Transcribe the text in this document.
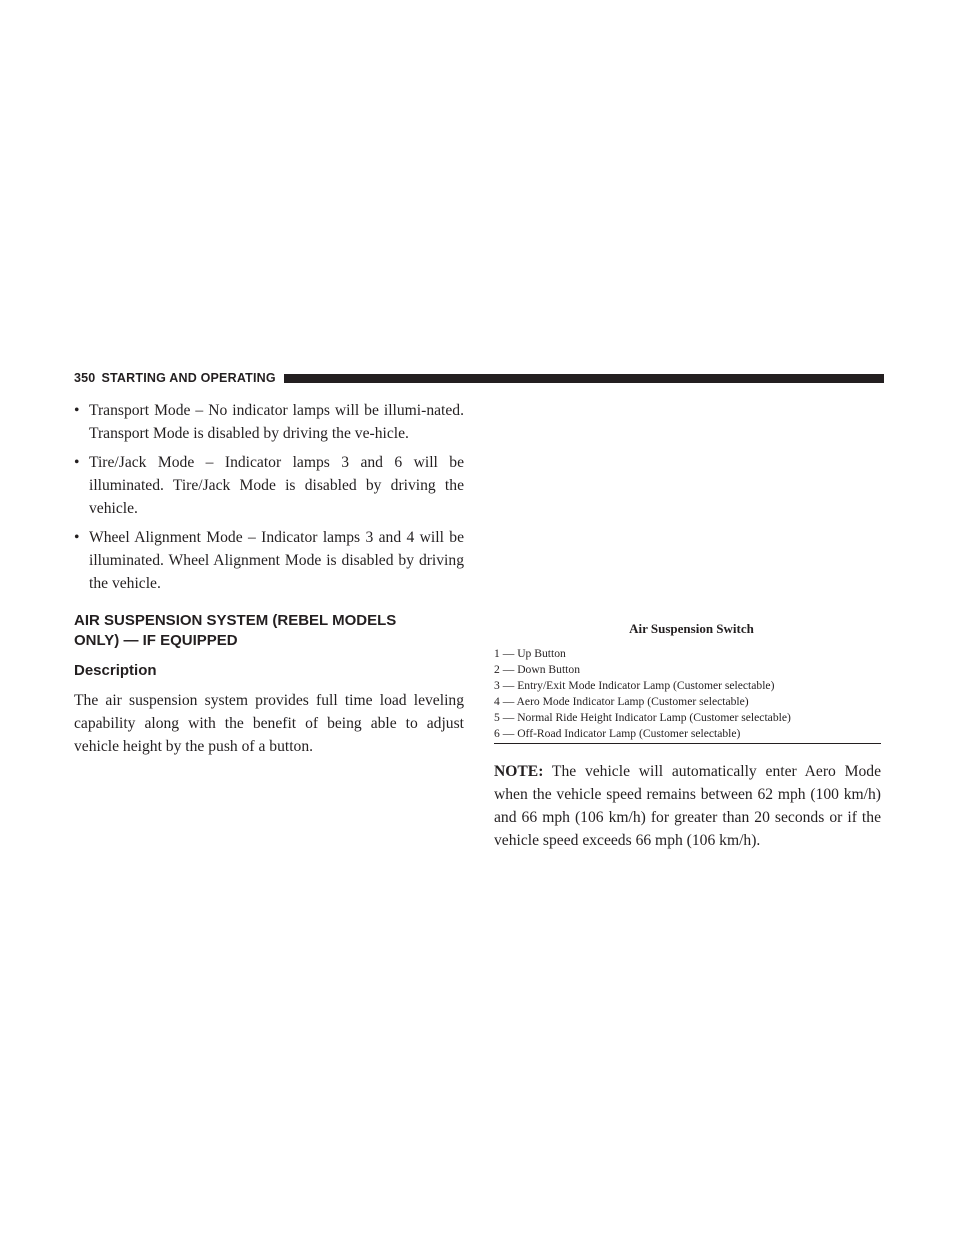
350 STARTING AND OPERATING
• Transport Mode – No indicator lamps will be illumi-nated. Transport Mode is disabled by driving the ve-hicle.
• Tire/Jack Mode – Indicator lamps 3 and 6 will be illuminated. Tire/Jack Mode is disabled by driving the vehicle.
• Wheel Alignment Mode – Indicator lamps 3 and 4 will be illuminated. Wheel Alignment Mode is disabled by driving the vehicle.
AIR SUSPENSION SYSTEM (REBEL MODELS ONLY) — IF EQUIPPED
Description

The air suspension system provides full time load leveling capability along with the benefit of being able to adjust vehicle height by the push of a button.

Air Suspension Switch
1 — Up Button
2 — Down Button
3 — Entry/Exit Mode Indicator Lamp (Customer selectable)
4 — Aero Mode Indicator Lamp (Customer selectable)
5 — Normal Ride Height Indicator Lamp (Customer selectable)
6 — Off-Road Indicator Lamp (Customer selectable)

NOTE: The vehicle will automatically enter Aero Mode when the vehicle speed remains between 62 mph (100 km/h) and 66 mph (106 km/h) for greater than 20 seconds or if the vehicle speed exceeds 66 mph (106 km/h).
